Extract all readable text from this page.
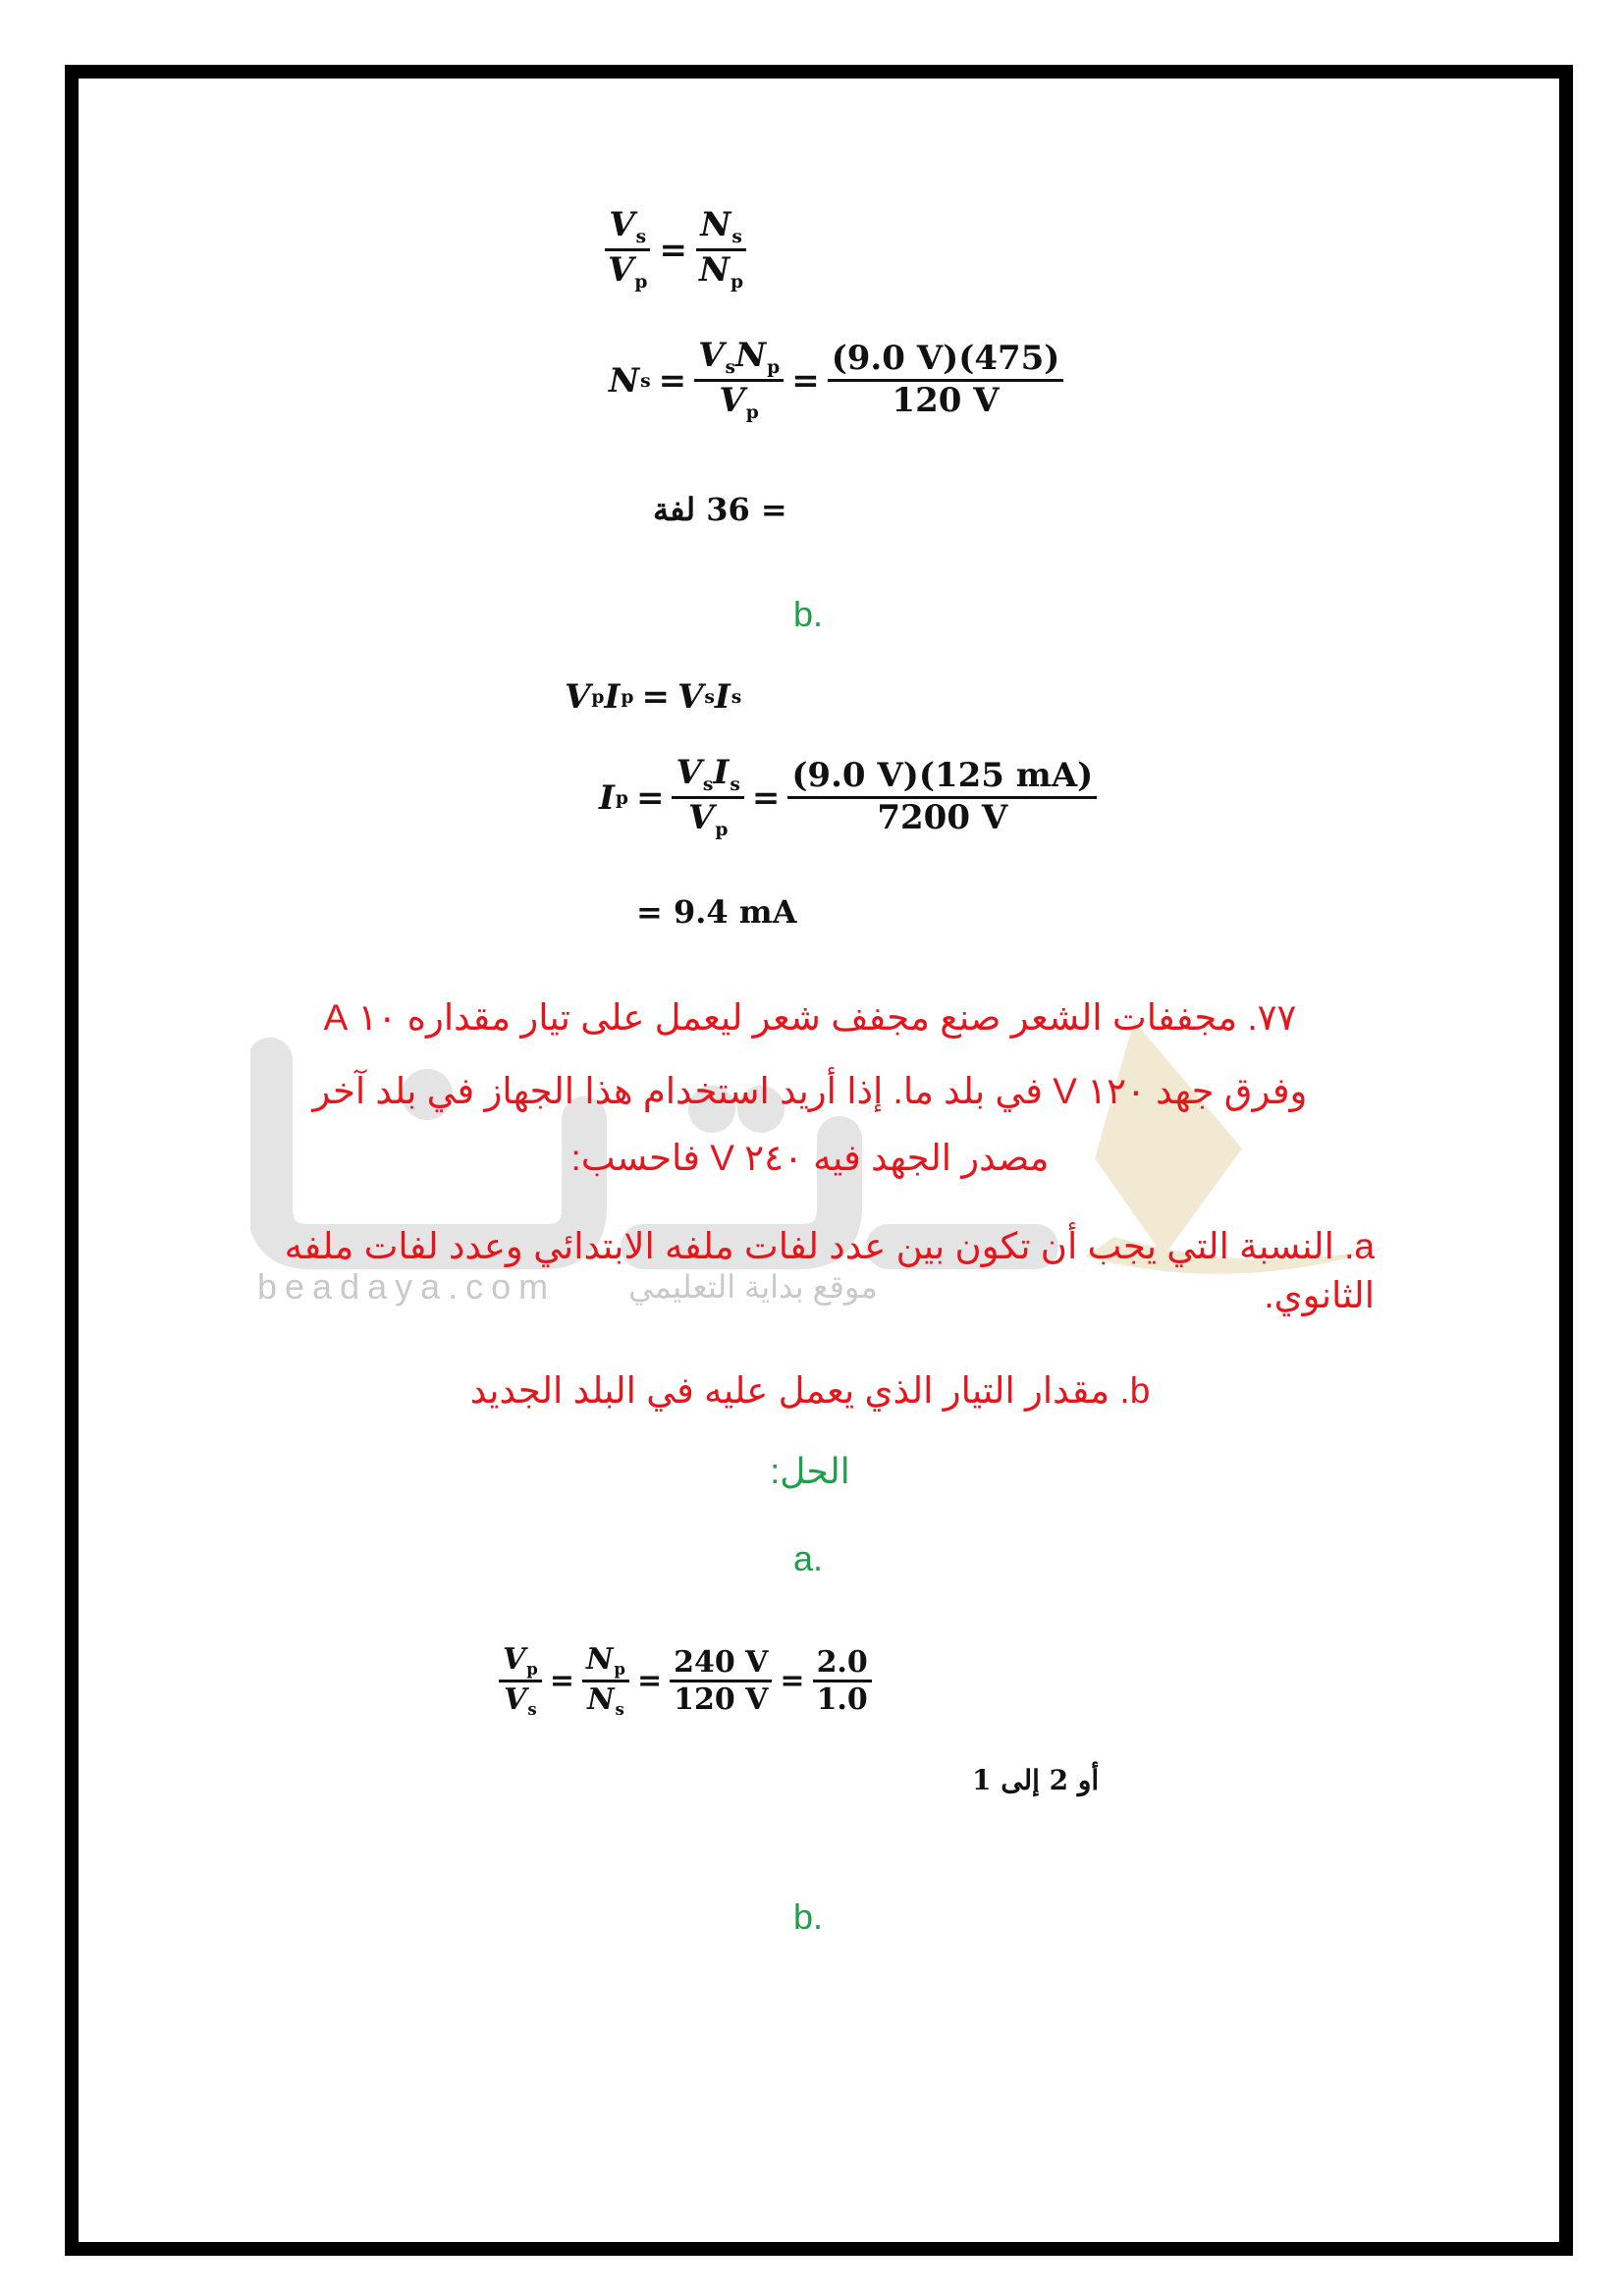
beadaya.com موقع بداية التعليمي
$\frac{V_s}{V_p} = \frac{N_s}{N_p}$
N $s = \frac{V_sN_p}{V_p} = \frac{(9.0 V)(475)}{120 V}$
= 36 لفة
b.
V p I p = V s I s
I $p = \frac{V_sI_s}{V_p} = \frac{(9.0 V)(125 mA)}{7200 V}$
= 9.4 mA
٧٧. مجففات الشعر صنع مجفف شعر ليعمل على تيار مقداره ١٠ A
وفرق جهد ١٢٠ V في بلد ما. إذا أريد استخدام هذا الجهاز في بلد آخر
مصدر الجهد فيه ٢٤٠ V فاحسب:
a. النسبة التي يجب أن تكون بين عدد لفات ملفه الابتدائي وعدد لفات ملفه الثانوي.
b. مقدار التيار الذي يعمل عليه في البلد الجديد
الحل:
a.
$\frac{V_p}{V_s} = \frac{N_p}{N_s} = \frac{240 V}{120 V} = \frac{2.0}{1.0}$
أو 2 إلى 1
b.
